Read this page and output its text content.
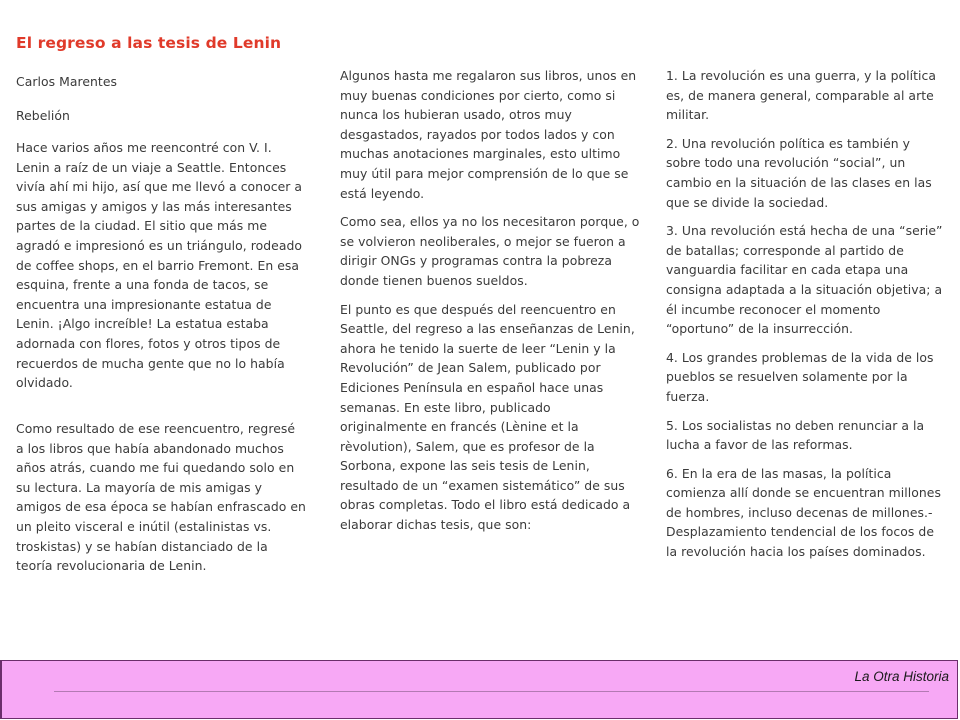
El regreso a las tesis de Lenin

Carlos Marentes

Rebelión

Hace varios años me reencontré con V. I. Lenin a raíz de un viaje a Seattle. Entonces vivía ahí mi hijo, así que me llevó a conocer a sus amigas y amigos y las más interesantes partes de la ciudad. El sitio que más me agradó e impresionó es un triángulo, rodeado de coffee shops, en el barrio Fremont. En esa esquina, frente a una fonda de tacos, se encuentra una impresionante estatua de Lenin. ¡Algo increíble! La estatua estaba adornada con flores, fotos y otros tipos de recuerdos de mucha gente que no lo había olvidado.

Como resultado de ese reencuentro, regresé a los libros que había abandonado muchos años atrás, cuando me fui quedando solo en su lectura. La mayoría de mis amigas y amigos de esa época se habían enfrascado en un pleito visceral e inútil (estalinistas vs. troskistas) y se habían distanciado de la teoría revolucionaria de Lenin.

Algunos hasta me regalaron sus libros, unos en muy buenas condiciones por cierto, como si nunca los hubieran usado, otros muy desgastados, rayados por todos lados y con muchas anotaciones marginales, esto ultimo muy útil para mejor comprensión de lo que se está leyendo.

Como sea, ellos ya no los necesitaron porque, o se volvieron neoliberales, o mejor se fueron a dirigir ONGs y programas contra la pobreza donde tienen buenos sueldos.

El punto es que después del reencuentro en Seattle, del regreso a las enseñanzas de Lenin, ahora he tenido la suerte de leer “Lenin y la Revolución” de Jean Salem, publicado por Ediciones Península en español hace unas semanas. En este libro, publicado originalmente en francés (Lènine et la rèvolution), Salem, que es profesor de la Sorbona, expone las seis tesis de Lenin, resultado de un “examen sistemático” de sus obras completas. Todo el libro está dedicado a elaborar dichas tesis, que son:

1. La revolución es una guerra, y la política es, de manera general, comparable al arte militar.

2. Una revolución política es también y sobre todo una revolución “social”, un cambio en la situación de las clases en las que se divide la sociedad.

3. Una revolución está hecha de una “serie” de batallas; corresponde al partido de vanguardia facilitar en cada etapa una consigna adaptada a la situación objetiva; a él incumbe reconocer el momento “oportuno” de la insurrección.

4. Los grandes problemas de la vida de los pueblos se resuelven solamente por la fuerza.

5. Los socialistas no deben renunciar a la lucha a favor de las reformas.

6. En la era de las masas, la política comienza allí donde se encuentran millones de hombres, incluso decenas de millones.- Desplazamiento tendencial de los focos de la revolución hacia los países dominados.

La Otra Historia
